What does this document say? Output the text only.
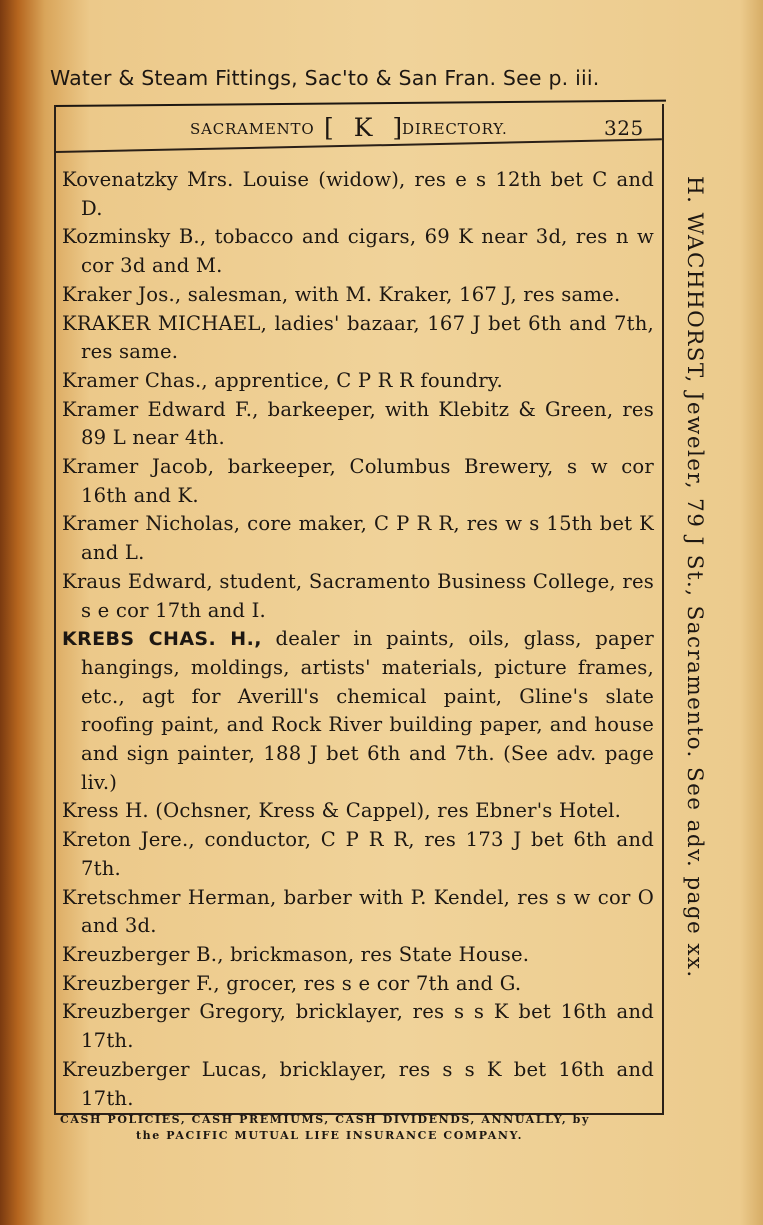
Water & Steam Fittings, Sac'to & San Fran. See p. iii.
SACRAMENTO [ K ]
DIRECTORY.	325
Kovenatzky Mrs. Louise (widow), res e s 12th bet C and D.
Kozminsky B., tobacco and cigars, 69 K near 3d, res n w cor 3d and M.
Kraker Jos., salesman, with M. Kraker, 167 J, res same.
KRAKER MICHAEL, ladies' bazaar, 167 J bet 6th and 7th, res same.
Kramer Chas., apprentice, C P R R foundry.
Kramer Edward F., barkeeper, with Klebitz & Green, res 89 L near 4th.
Kramer Jacob, barkeeper, Columbus Brewery, s w cor 16th and K.
Kramer Nicholas, core maker, C P R R, res w s 15th bet K and L.
Kraus Edward, student, Sacramento Business College, res s e cor 17th and I.
KREBS CHAS. H., dealer in paints, oils, glass, paper hangings, moldings, artists' materials, picture frames, etc., agt for Averill's chemical paint, Gline's slate roofing paint, and Rock River building paper, and house and sign painter, 188 J bet 6th and 7th. (See adv. page liv.)
Kress H. (Ochsner, Kress & Cappel), res Ebner's Hotel.
Kreton Jere., conductor, C P R R, res 173 J bet 6th and 7th.
Kretschmer Herman, barber with P. Kendel, res s w cor O and 3d.
Kreuzberger B., brickmason, res State House.
Kreuzberger F., grocer, res s e cor 7th and G.
Kreuzberger Gregory, bricklayer, res s s K bet 16th and 17th.
Kreuzberger Lucas, bricklayer, res s s K bet 16th and 17th.
H. WACHHORST, Jeweler, 79 J St., Sacramento. See adv. page xx.
CASH POLICIES, CASH PREMIUMS, CASH DIVIDENDS, ANNUALLY, by
the PACIFIC MUTUAL LIFE INSURANCE COMPANY.
